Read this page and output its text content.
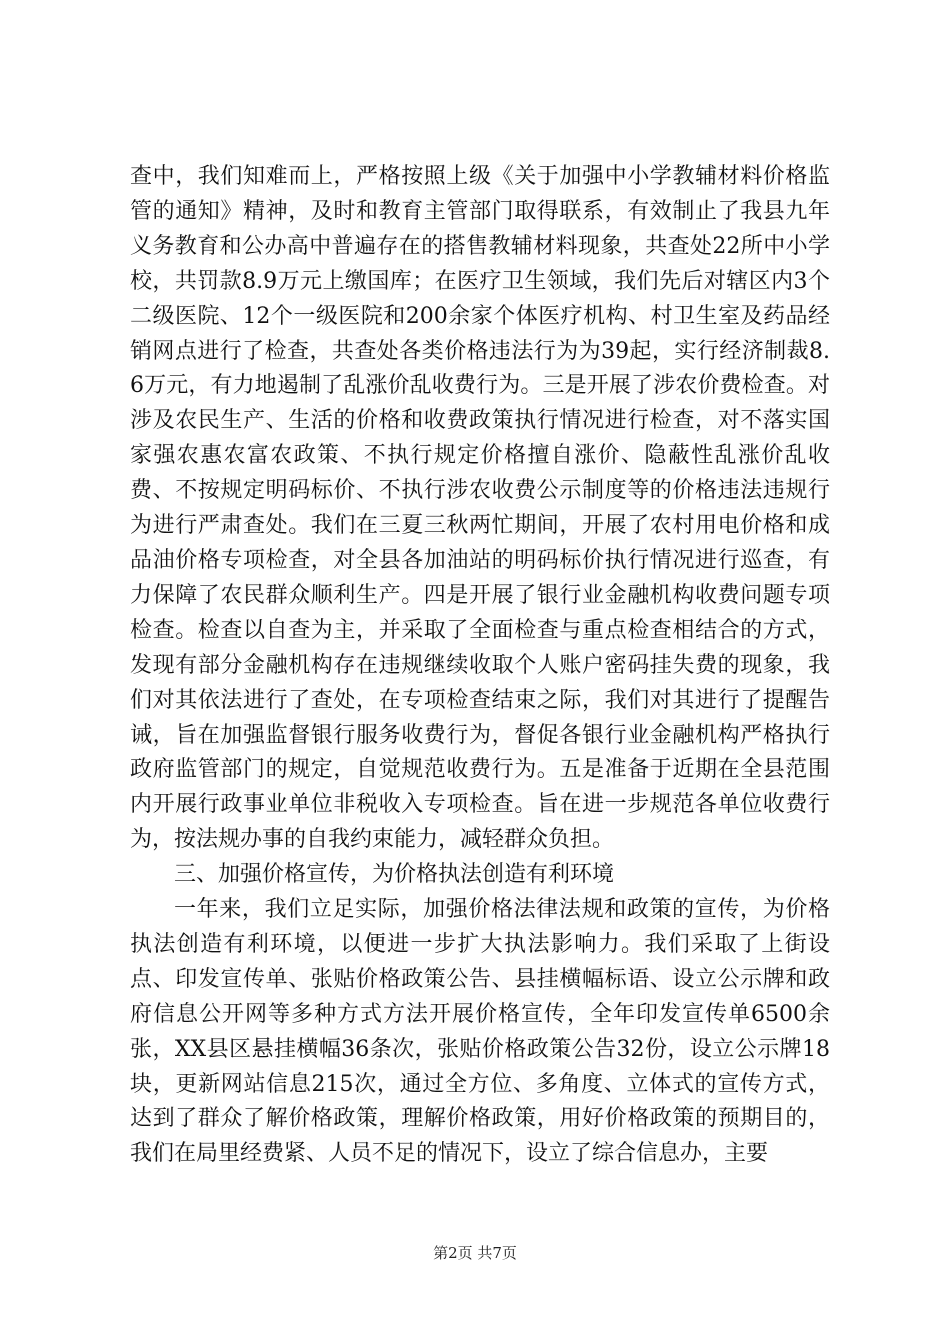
查中，我们知难而上，严格按照上级《关于加强中小学教辅材料价格监管的通知》精神，及时和教育主管部门取得联系，有效制止了我县九年义务教育和公办高中普遍存在的搭售教辅材料现象，共查处22所中小学校，共罚款8.9万元上缴国库；在医疗卫生领域，我们先后对辖区内3个二级医院、12个一级医院和200余家个体医疗机构、村卫生室及药品经销网点进行了检查，共查处各类价格违法行为为39起，实行经济制裁8.6万元，有力地遏制了乱涨价乱收费行为。三是开展了涉农价费检查。对涉及农民生产、生活的价格和收费政策执行情况进行检查，对不落实国家强农惠农富农政策、不执行规定价格擅自涨价、隐蔽性乱涨价乱收费、不按规定明码标价、不执行涉农收费公示制度等的价格违法违规行为进行严肃查处。我们在三夏三秋两忙期间，开展了农村用电价格和成品油价格专项检查，对全县各加油站的明码标价执行情况进行巡查，有力保障了农民群众顺利生产。四是开展了银行业金融机构收费问题专项检查。检查以自查为主，并采取了全面检查与重点检查相结合的方式，发现有部分金融机构存在违规继续收取个人账户密码挂失费的现象，我们对其依法进行了查处，在专项检查结束之际，我们对其进行了提醒告诫，旨在加强监督银行服务收费行为，督促各银行业金融机构严格执行政府监管部门的规定，自觉规范收费行为。五是准备于近期在全县范围内开展行政事业单位非税收入专项检查。旨在进一步规范各单位收费行为，按法规办事的自我约束能力，减轻群众负担。

三、加强价格宣传，为价格执法创造有利环境

一年来，我们立足实际，加强价格法律法规和政策的宣传，为价格执法创造有利环境，以便进一步扩大执法影响力。我们采取了上街设点、印发宣传单、张贴价格政策公告、县挂横幅标语、设立公示牌和政府信息公开网等多种方式方法开展价格宣传，全年印发宣传单6500余张，XX县区悬挂横幅36条次，张贴价格政策公告32份，设立公示牌18块，更新网站信息215次，通过全方位、多角度、立体式的宣传方式，达到了群众了解价格政策，理解价格政策，用好价格政策的预期目的，我们在局里经费紧、人员不足的情况下，设立了综合信息办，主要

第2页 共7页
